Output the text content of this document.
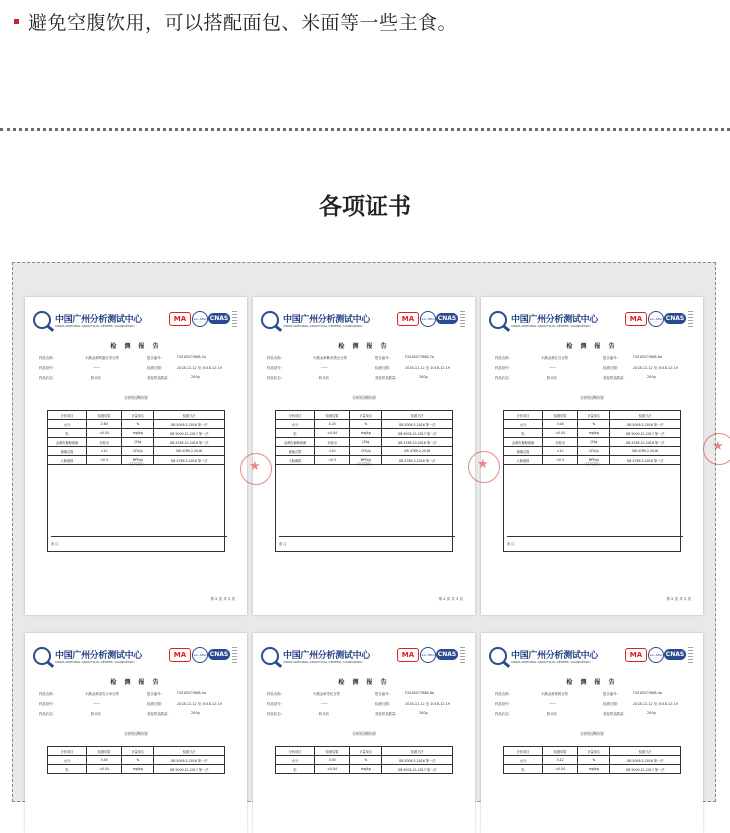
避免空腹饮用，可以搭配面包、米面等一些主食。
各项证书
中国广州分析测试中心
CHINA NATIONAL ANALYTICAL CENTER, GUANGZHOU
MA	ilac-MRA CNAS
检 测 报 告
样品名称:	小鹅金黄鸭蛋红枣豆浆	报告编号:	F2018077668-2a
样品批号:	——	检测日期:	2018-12-12 至 2018-12-19
样品状态:	粉末状	受检样品数量:	200g
分析检测结果
分析项目	检测结果	计量单位	检测方法
水分	2.60	%	GB 5009.3-2016 第一法
铅	<0.04	mg/kg	GB 5009.12-2017 第一法
金黄色葡萄球菌	未检出	/25g	GB 4789.10-2016 第一法
菌落总数	<10	CFU/g	GB 4789.2-2016
大肠菌群	<0.3	MPN/g	GB 4789.3-2016 第一法
（以下空白）
备 注
第 2 页 共 3 页
中国广州分析测试中心
CHINA NATIONAL ANALYTICAL CENTER, GUANGZHOU
MA	ilac-MRA CNAS
检 测 报 告
样品名称:	小鹅金黄紫米黑豆豆浆	报告编号:	F2018077668-7a
样品批号:	——	检测日期:	2018-12-12 至 2018-12-19
样品状态:	粉末状	受检样品数量:	200g
分析检测结果
分析项目	检测结果	计量单位	检测方法
水分	4.25	%	GB 5009.3-2016 第一法
铅	<0.04	mg/kg	GB 5009.12-2017 第一法
金黄色葡萄球菌	未检出	/25g	GB 4789.10-2016 第一法
菌落总数	<10	CFU/g	GB 4789.2-2016
大肠菌群	<0.3	MPN/g	GB 4789.3-2016 第一法
（以下空白）
备 注
第 2 页 共 3 页
中国广州分析测试中心
CHINA NATIONAL ANALYTICAL CENTER, GUANGZHOU
MA	ilac-MRA CNAS
检 测 报 告
样品名称:	小鹅金黄红豆豆浆	报告编号:	F2018077668-6a
样品批号:	——	检测日期:	2018-12-12 至 2018-12-19
样品状态:	粉末状	受检样品数量:	200g
分析检测结果
分析项目	检测结果	计量单位	检测方法
水分	3.04	%	GB 5009.3-2016 第一法
铅	<0.04	mg/kg	GB 5009.12-2017 第一法
金黄色葡萄球菌	未检出	/25g	GB 4789.10-2016 第一法
菌落总数	<10	CFU/g	GB 4789.2-2016
大肠菌群	<0.3	MPN/g	GB 4789.3-2016 第一法
（以下空白）
备 注
第 2 页 共 3 页
中国广州分析测试中心
CHINA NATIONAL ANALYTICAL CENTER, GUANGZHOU
MA	ilac-MRA CNAS
检 测 报 告
样品名称:	小鹅金黄南瓜小米豆浆	报告编号:	F2018077668-5a
样品批号:	——	检测日期:	2018-12-12 至 2018-12-19
样品状态:	粉末状	受检样品数量:	200g
分析检测结果
分析项目	检测结果	计量单位	检测方法
水分	3.45	%	GB 5009.3-2016 第一法
铅	<0.04	mg/kg	GB 5009.12-2017 第一法
中国广州分析测试中心
CHINA NATIONAL ANALYTICAL CENTER, GUANGZHOU
MA	ilac-MRA CNAS
检 测 报 告
样品名称:	小鹅金黄枣杞豆浆	报告编号:	F2018077668-8a
样品批号:	——	检测日期:	2018-12-12 至 2018-12-19
样品状态:	粉末状	受检样品数量:	200g
分析检测结果
分析项目	检测结果	计量单位	检测方法
水分	3.00	%	GB 5009.3-2016 第一法
铅	<0.04	mg/kg	GB 5009.12-2017 第一法
中国广州分析测试中心
CHINA NATIONAL ANALYTICAL CENTER, GUANGZHOU
MA	ilac-MRA CNAS
检 测 报 告
样品名称:	小鹅金黄核桃豆浆	报告编号:	F2018077668-4a
样品批号:	——	检测日期:	2018-12-12 至 2018-12-19
样品状态:	粉末状	受检样品数量:	200g
分析检测结果
分析项目	检测结果	计量单位	检测方法
水分	3.12	%	GB 5009.3-2016 第一法
铅	<0.04	mg/kg	GB 5009.12-2017 第一法
★
★
★
